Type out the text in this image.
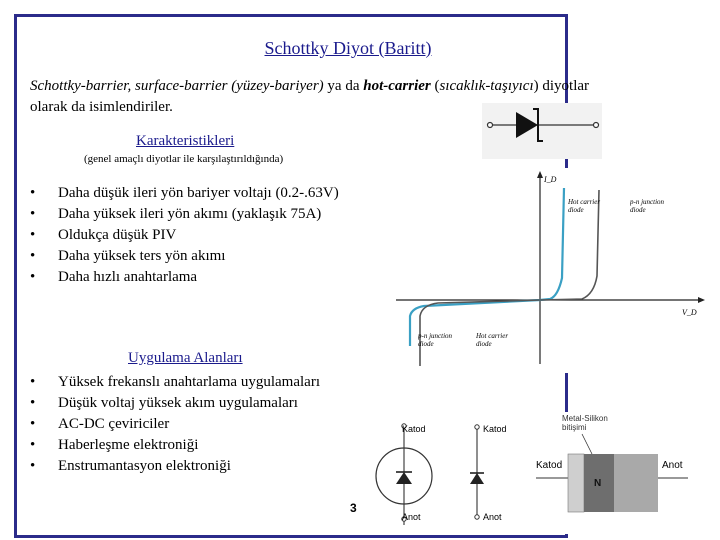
Schottky Diyot (Baritt)
Schottky-barrier, surface-barrier (yüzey-bariyer) ya da hot-carrier (sıcaklık-taşıyıcı) diyotlar olarak da isimlendiriler.
Karakteristikleri
(genel amaçlı diyotlar ile karşılaştırıldığında)
• Daha düşük ileri yön bariyer voltajı (0.2-.63V)
• Daha yüksek ileri yön akımı (yaklaşık 75A)
• Oldukça düşük PIV
• Daha yüksek ters yön akımı
• Daha hızlı anahtarlama
Uygulama Alanları
• Yüksek frekanslı anahtarlama uygulamaları
• Düşük voltaj yüksek akım uygulamaları
• AC-DC çeviriciler
• Haberleşme elektroniği
• Enstrumantasyon elektroniği
I_D
V_D
Hot carrier diode
p-n junction diode
p-n junction diode
Hot carrier diode
Katod
Anot
Katod
Anot
Metal-Silikon bitişimi
Katod	Anot
N
3
